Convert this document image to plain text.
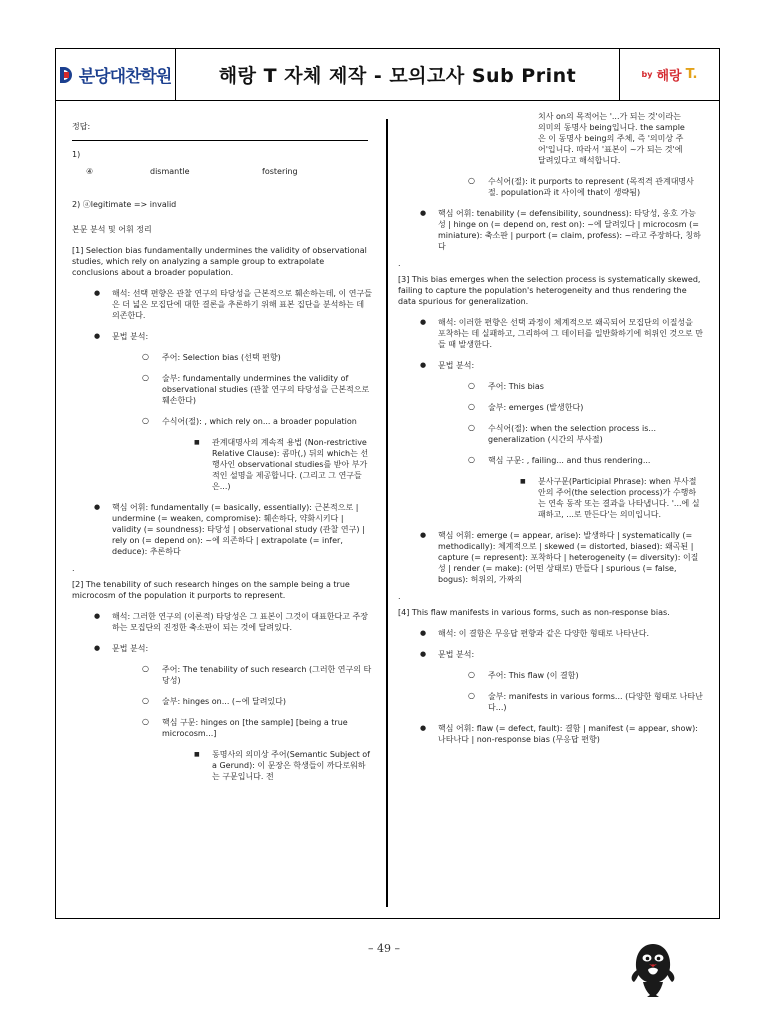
분당대찬학원	해랑 T 자체 제작 - 모의고사 Sub Print	by 해랑 T.
정답:
1)
④	dismantle	fostering
2) ⓐlegitimate => invalid
본문 분석 및 어휘 정리
[1] Selection bias fundamentally undermines the validity of observational studies, which rely on analyzing a sample group to extrapolate conclusions about a broader population.
● 해석: 선택 편향은 관찰 연구의 타당성을 근본적으로 훼손하는데, 이 연구들은 더 넓은 모집단에 대한 결론을 추론하기 위해 표본 집단을 분석하는 데 의존한다.
● 문법 분석:
○ 주어: Selection bias (선택 편향)
○ 술부: fundamentally undermines the validity of observational studies (관찰 연구의 타당성을 근본적으로 훼손한다)
○ 수식어(절): , which rely on... a broader population
■ 관계대명사의 계속적 용법 (Non-restrictive Relative Clause): 콤마(,) 뒤의 which는 선행사인 observational studies를 받아 부가적인 설명을 제공합니다. (그리고 그 연구들은...)
● 핵심 어휘: fundamentally (= basically, essentially): 근본적으로 | undermine (= weaken, compromise): 훼손하다, 약화시키다 | validity (= soundness): 타당성 | observational study (관찰 연구) | rely on (= depend on): ~에 의존하다 | extrapolate (= infer, deduce): 추론하다
.
[2] The tenability of such research hinges on the sample being a true microcosm of the population it purports to represent.
● 해석: 그러한 연구의 (이론적) 타당성은 그 표본이 그것이 대표한다고 주장하는 모집단의 진정한 축소판이 되는 것에 달려있다.
● 문법 분석:
○ 주어: The tenability of such research (그러한 연구의 타당성)
○ 술부: hinges on... (~에 달려있다)
○ 핵심 구문: hinges on [the sample] [being a true microcosm...]
■ 동명사의 의미상 주어(Semantic Subject of a Gerund): 이 문장은 학생들이 까다로워하는 구문입니다. 전
치사 on의 목적어는 '...가 되는 것'이라는 의미의 동명사 being입니다. the sample은 이 동명사 being의 주체, 즉 '의미상 주어'입니다. 따라서 '표본이 ~가 되는 것'에 달려있다고 해석합니다.
○ 수식어(절): it purports to represent (목적격 관계대명사절. population과 it 사이에 that이 생략됨)
● 핵심 어휘: tenability (= defensibility, soundness): 타당성, 옹호 가능성 | hinge on (= depend on, rest on): ~에 달려있다 | microcosm (= miniature): 축소판 | purport (= claim, profess): ~라고 주장하다, 칭하다
.
[3] This bias emerges when the selection process is systematically skewed, failing to capture the population's heterogeneity and thus rendering the data spurious for generalization.
● 해석: 이러한 편향은 선택 과정이 체계적으로 왜곡되어 모집단의 이질성을 포착하는 데 실패하고, 그리하여 그 데이터를 일반화하기에 허위인 것으로 만들 때 발생한다.
● 문법 분석:
○ 주어: This bias
○ 술부: emerges (발생한다)
○ 수식어(절): when the selection process is... generalization (시간의 부사절)
○ 핵심 구문: , failing... and thus rendering...
■ 분사구문(Participial Phrase): when 부사절 안의 주어(the selection process)가 수행하는 연속 동작 또는 결과을 나타냅니다. '...에 실패하고, ...로 만든다'는 의미입니다.
● 핵심 어휘: emerge (= appear, arise): 발생하다 | systematically (= methodically): 체계적으로 | skewed (= distorted, biased): 왜곡된 | capture (= represent): 포착하다 | heterogeneity (= diversity): 이질성 | render (= make): (어떤 상태로) 만들다 | spurious (= false, bogus): 허위의, 가짜의
.
[4] This flaw manifests in various forms, such as non-response bias.
● 해석: 이 결함은 무응답 편향과 같은 다양한 형태로 나타난다.
● 문법 분석:
○ 주어: This flaw (이 결함)
○ 술부: manifests in various forms... (다양한 형태로 나타난다...)
● 핵심 어휘: flaw (= defect, fault): 결함 | manifest (= appear, show): 나타나다 | non-response bias (무응답 편향)
– 49 –
